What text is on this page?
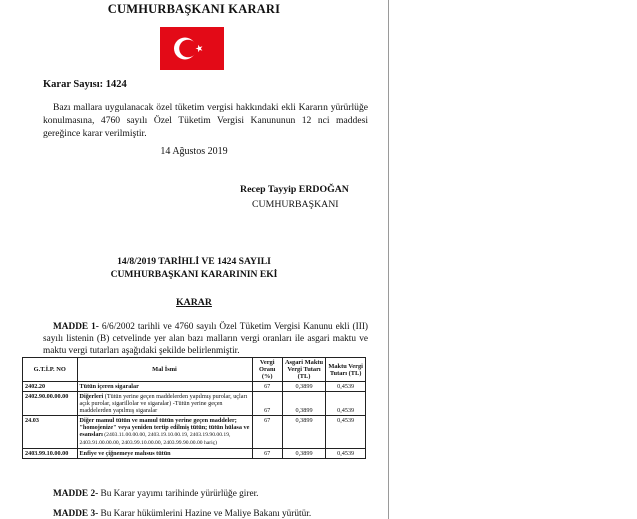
CUMHURBAŞKANI KARARI
Karar Sayısı: 1424
Bazı mallara uygulanacak özel tüketim vergisi hakkındaki ekli Kararın yürürlüğe konulmasına, 4760 sayılı Özel Tüketim Vergisi Kanununun 12 nci maddesi gereğince karar verilmiştir.
14 Ağustos 2019
Recep Tayyip ERDOĞAN
CUMHURBAŞKANI
14/8/2019 TARİHLİ VE 1424 SAYILI
CUMHURBAŞKANI KARARININ EKİ
KARAR
MADDE 1- 6/6/2002 tarihli ve 4760 sayılı Özel Tüketim Vergisi Kanunu ekli (III) sayılı listenin (B) cetvelinde yer alan bazı malların vergi oranları ile asgari maktu ve maktu vergi tutarları aşağıdaki şekilde belirlenmiştir.
G.T.İ.P. NO	Mal İsmi	Vergi Oranı (%)	Asgari Maktu Vergi Tutarı (TL)	Maktu Vergi Tutarı (TL)
2402.20	Tütün içeren sigaralar	67	0,3899	0,4539
2402.90.00.00.00	Diğerleri (Tütün yerine geçen maddelerden yapılmış purolar, uçları açık purolar, sigarillolar ve sigaralar) -Tütün yerine geçen maddelerden yapılmış sigaralar	67	0,3899	0,4539
24.03	Diğer mamul tütün ve mamul tütün yerine geçen maddeler; "homojenize" veya yeniden tertip edilmiş tütün; tütün hülasa ve esansları (2403.11.00.00.00, 2403.19.10.00.19, 2403.19.90.00.19, 2403.91.00.00.00, 2403.99.10.00.00, 2403.99.90.00.00 hariç)	67	0,3899	0,4539
2403.99.10.00.00	Enfiye ve çiğnemeye mahsus tütün	67	0,3899	0,4539
MADDE 2- Bu Karar yayımı tarihinde yürürlüğe girer.
MADDE 3- Bu Karar hükümlerini Hazine ve Maliye Bakanı yürütür.
